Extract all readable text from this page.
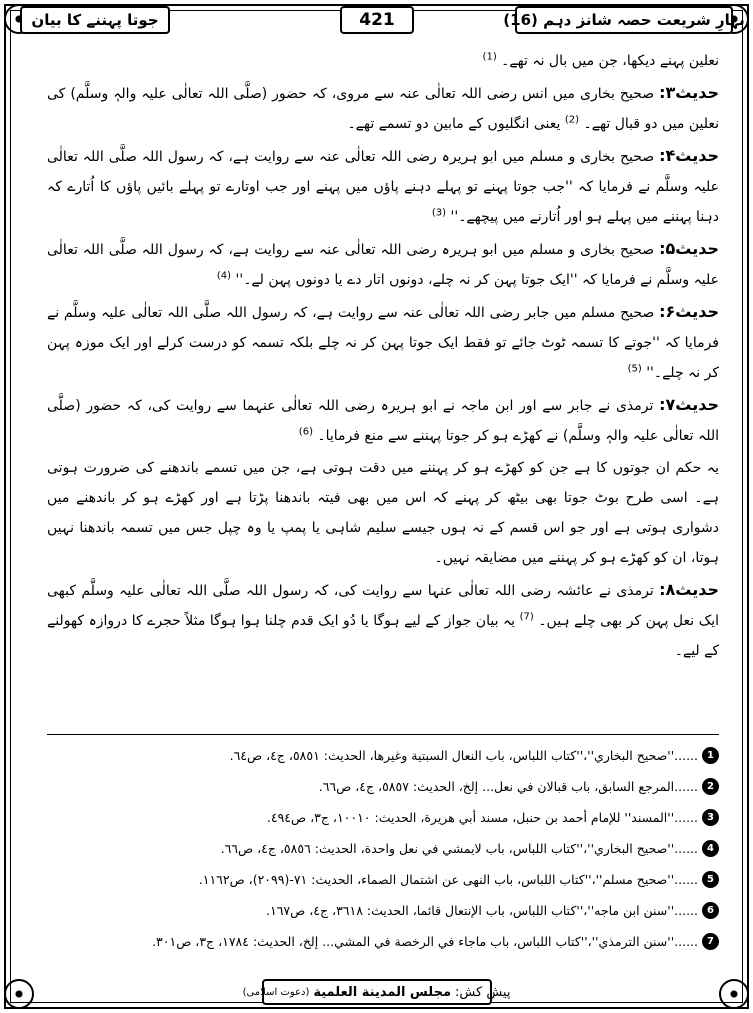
بہارِ شریعت حصہ شانز دہم (16)
421
جوتا پہننے کا بیان

نعلین پہنے دیکھا، جن میں بال نہ تھے۔ $^{(1)}$

حدیث۳: صحیح بخاری میں انس رضی اللہ تعالٰی عنہ سے مروی، کہ حضور (صلَّی اللہ تعالٰی علیہ والہٖ وسلَّم) کی نعلین میں دو قبال تھے۔ $^{(2)}$ یعنی انگلیوں کے مابین دو تسمے تھے۔

حدیث۴: صحیح بخاری و مسلم میں ابو ہریرہ رضی اللہ تعالٰی عنہ سے روایت ہے، کہ رسول اللہ صلَّی اللہ تعالٰی علیہ وسلَّم نے فرمایا کہ ''جب جوتا پہنے تو پہلے دہنے پاؤں میں پہنے اور جب اوتارے تو پہلے بائیں پاؤں کا اُتارے کہ دہنا پہننے میں پہلے ہو اور اُتارنے میں پیچھے۔'' $^{(3)}$

حدیث۵: صحیح بخاری و مسلم میں ابو ہریرہ رضی اللہ تعالٰی عنہ سے روایت ہے، کہ رسول اللہ صلَّی اللہ تعالٰی علیہ وسلَّم نے فرمایا کہ ''ایک جوتا پہن کر نہ چلے، دونوں اتار دے یا دونوں پہن لے۔'' $^{(4)}$

حدیث۶: صحیح مسلم میں جابر رضی اللہ تعالٰی عنہ سے روایت ہے، کہ رسول اللہ صلَّی اللہ تعالٰی علیہ وسلَّم نے فرمایا کہ ''جوتے کا تسمہ ٹوٹ جائے تو فقط ایک جوتا پہن کر نہ چلے بلکہ تسمہ کو درست کرلے اور ایک موزہ پہن کر نہ چلے۔'' $^{(5)}$

حدیث۷: ترمذی نے جابر سے اور ابن ماجہ نے ابو ہریرہ رضی اللہ تعالٰی عنہما سے روایت کی، کہ حضور (صلَّی اللہ تعالٰی علیہ والہٖ وسلَّم) نے کھڑے ہو کر جوتا پہننے سے منع فرمایا۔ $^{(6)}$

یہ حکم ان جوتوں کا ہے جن کو کھڑے ہو کر پہننے میں دقت ہوتی ہے، جن میں تسمے باندھنے کی ضرورت ہوتی ہے۔ اسی طرح بوٹ جوتا بھی بیٹھ کر پہنے کہ اس میں بھی فیتہ باندھنا پڑتا ہے اور کھڑے ہو کر باندھنے میں دشواری ہوتی ہے اور جو اس قسم کے نہ ہوں جیسے سلیم شاہی یا پمپ یا وہ چپل جس میں تسمہ باندھنا نہیں ہوتا، ان کو کھڑے ہو کر پہننے میں مضایقہ نہیں۔

حدیث۸: ترمذی نے عائشہ رضی اللہ تعالٰی عنہا سے روایت کی، کہ رسول اللہ صلَّی اللہ تعالٰی علیہ وسلَّم کبھی ایک نعل پہن کر بھی چلے ہیں۔ $^{(7)}$ یہ بیان جواز کے لیے ہوگا یا دُو ایک قدم چلنا ہوا ہوگا مثلاً حجرے کا دروازہ کھولنے کے لیے۔

1
......''صحيح البخاري''،''كتاب اللباس، باب النعال السبتية وغيرها، الحديث: ٥٨٥١، ج٤، ص٦٤.
2
......المرجع السابق، باب قبالان في نعل... إلخ، الحديث: ٥٨٥٧، ج٤، ص٦٦.
3
......''المسند'' للإمام أحمد بن حنبل، مسند أبي هريرة، الحديث: ١٠٠١٠، ج٣، ص٤٩٤.
4
......''صحيح البخاري''،''كتاب اللباس، باب لايمشي في نعل واحدة، الحديث: ٥٨٥٦، ج٤، ص٦٦.
5
......''صحيح مسلم''،''كتاب اللباس، باب النهى عن اشتمال الصماء، الحديث: ٧١-(٢٠٩٩)، ص١١٦٢.
6
......''سنن ابن ماجه''،''كتاب اللباس، باب الإنتعال قائما، الحديث: ٣٦١٨، ج٤، ص١٦٧.
7
......''سنن الترمذي''،''كتاب اللباس، باب ماجاء في الرخصة في المشي... إلخ، الحديث: ١٧٨٤، ج٣، ص٣٠١.
پیش کش:
مجلس المدينة العلمية
(دعوت اسلامی)
